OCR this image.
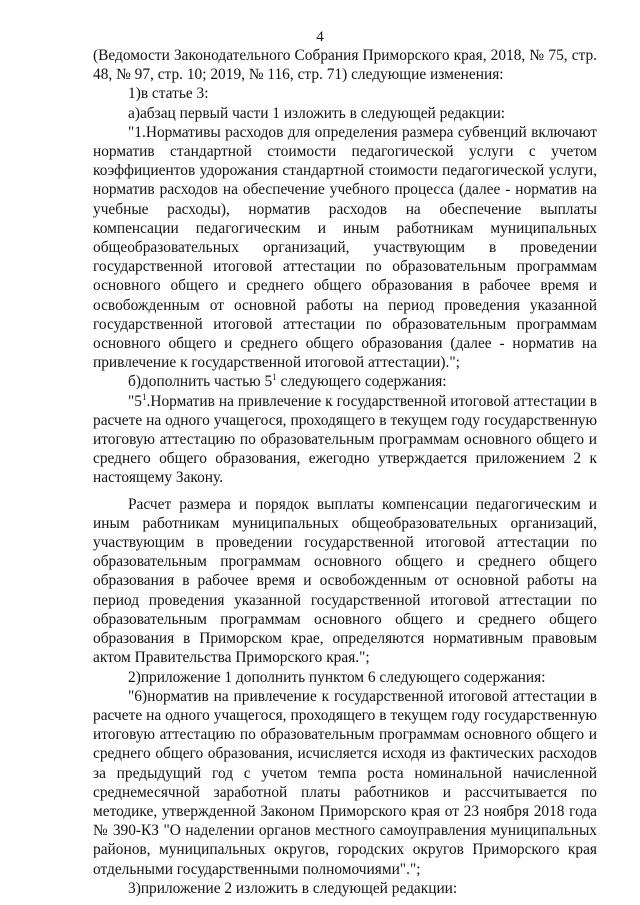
4

(Ведомости Законодательного Собрания Приморского края, 2018, № 75, стр. 48, № 97, стр. 10; 2019, № 116, стр. 71) следующие изменения:

1)в статье 3:

а)абзац первый части 1 изложить в следующей редакции:

"1.Нормативы расходов для определения размера субвенций включают норматив стандартной стоимости педагогической услуги с учетом коэффициентов удорожания стандартной стоимости педагогической услуги, норматив расходов на обеспечение учебного процесса (далее - норматив на учебные расходы), норматив расходов на обеспечение выплаты компенсации педагогическим и иным работникам муниципальных общеобразовательных организаций, участвующим в проведении государственной итоговой аттестации по образовательным программам основного общего и среднего общего образования в рабочее время и освобожденным от основной работы на период проведения указанной государственной итоговой аттестации по образовательным программам основного общего и среднего общего образования (далее - норматив на привлечение к государственной итоговой аттестации).";

б)дополнить частью $5^1$ следующего содержания:

"$5^1.Норматив$ на привлечение к государственной итоговой аттестации в расчете на одного учащегося, проходящего в текущем году государственную итоговую аттестацию по образовательным программам основного общего и среднего общего образования, ежегодно утверждается приложением 2 к настоящему Закону.

Расчет размера и порядок выплаты компенсации педагогическим и иным работникам муниципальных общеобразовательных организаций, участвующим в проведении государственной итоговой аттестации по образовательным программам основного общего и среднего общего образования в рабочее время и освобожденным от основной работы на период проведения указанной государственной итоговой аттестации по образовательным программам основного общего и среднего общего образования в Приморском крае, определяются нормативным правовым актом Правительства Приморского края.";

2)приложение 1 дополнить пунктом 6 следующего содержания:

"6)норматив на привлечение к государственной итоговой аттестации в расчете на одного учащегося, проходящего в текущем году государственную итоговую аттестацию по образовательным программам основного общего и среднего общего образования, исчисляется исходя из фактических расходов за предыдущий год с учетом темпа роста номинальной начисленной среднемесячной заработной платы работников и рассчитывается по методике, утвержденной Законом Приморского края от 23 ноября 2018 года № 390-КЗ "О наделении органов местного самоуправления муниципальных районов, муниципальных округов, городских округов Приморского края отдельными государственными полномочиями".";

3)приложение 2 изложить в следующей редакции:
